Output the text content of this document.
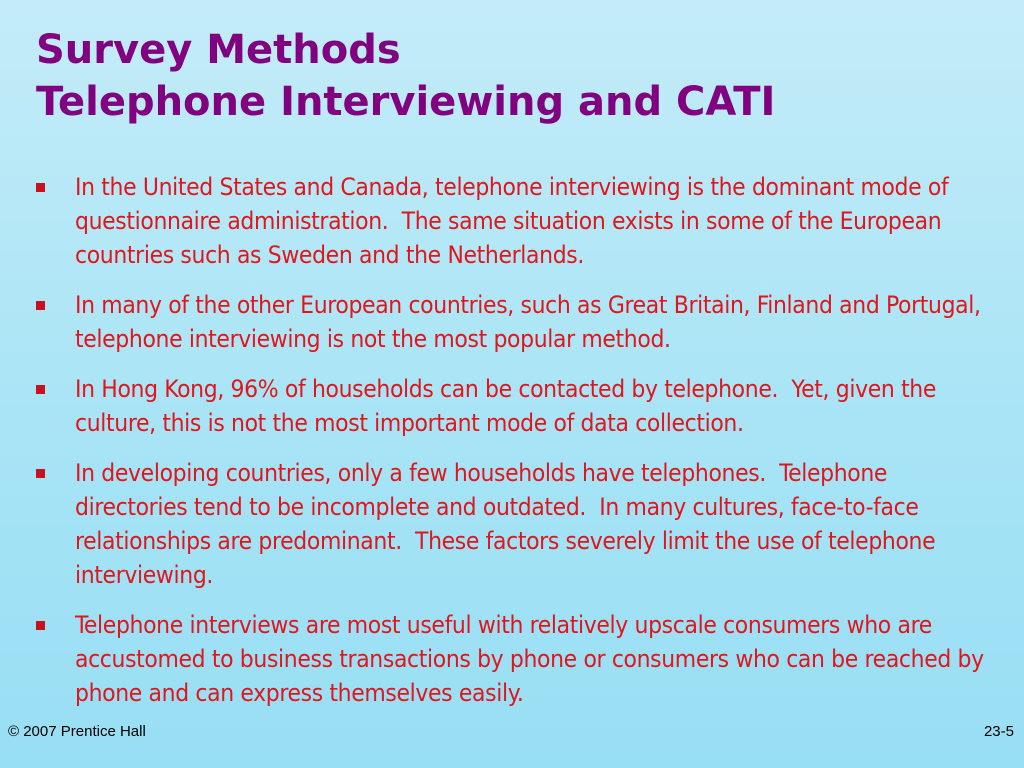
Survey Methods
Telephone Interviewing and CATI
In the United States and Canada, telephone interviewing is the dominant mode of questionnaire administration.  The same situation exists in some of the European countries such as Sweden and the Netherlands.
In many of the other European countries, such as Great Britain, Finland and Portugal, telephone interviewing is not the most popular method.
In Hong Kong, 96% of households can be contacted by telephone.  Yet, given the culture, this is not the most important mode of data collection.
In developing countries, only a few households have telephones.  Telephone directories tend to be incomplete and outdated.  In many cultures, face-to-face relationships are predominant.  These factors severely limit the use of telephone interviewing.
Telephone interviews are most useful with relatively upscale consumers who are accustomed to business transactions by phone or consumers who can be reached by phone and can express themselves easily.
© 2007 Prentice Hall	23-5
